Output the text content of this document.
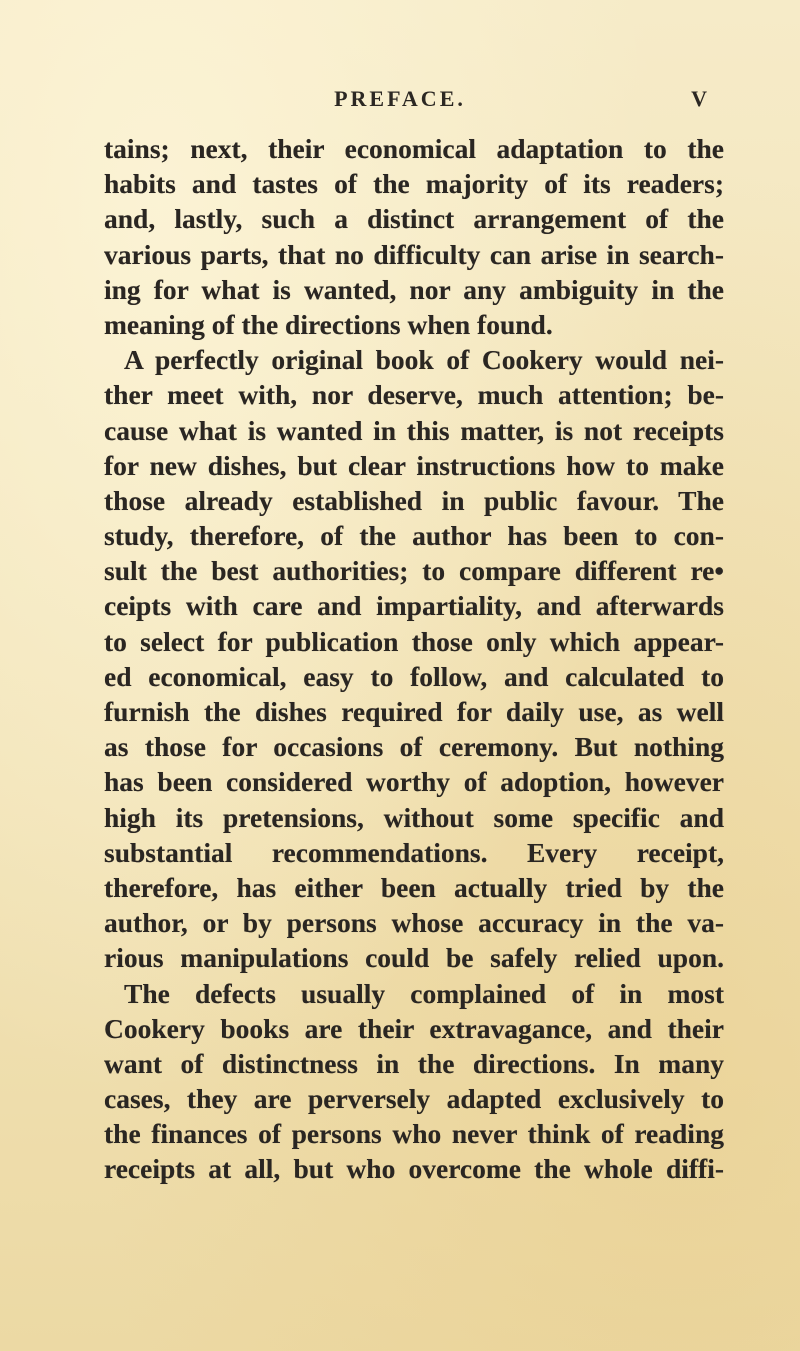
PREFACE.	V
tains; next, their economical adaptation to the
habits and tastes of the majority of its readers;
and, lastly, such a distinct arrangement of the
various parts, that no difficulty can arise in search-
ing for what is wanted, nor any ambiguity in the
meaning of the directions when found.
A perfectly original book of Cookery would nei-
ther meet with, nor deserve, much attention; be-
cause what is wanted in this matter, is not receipts
for new dishes, but clear instructions how to make
those already established in public favour. The
study, therefore, of the author has been to con-
sult the best authorities; to compare different re•
ceipts with care and impartiality, and afterwards
to select for publication those only which appear-
ed economical, easy to follow, and calculated to
furnish the dishes required for daily use, as well
as those for occasions of ceremony. But nothing
has been considered worthy of adoption, however
high its pretensions, without some specific and
substantial recommendations. Every receipt,
therefore, has either been actually tried by the
author, or by persons whose accuracy in the va-
rious manipulations could be safely relied upon.
The defects usually complained of in most
Cookery books are their extravagance, and their
want of distinctness in the directions. In many
cases, they are perversely adapted exclusively to
the finances of persons who never think of reading
receipts at all, but who overcome the whole diffi-
